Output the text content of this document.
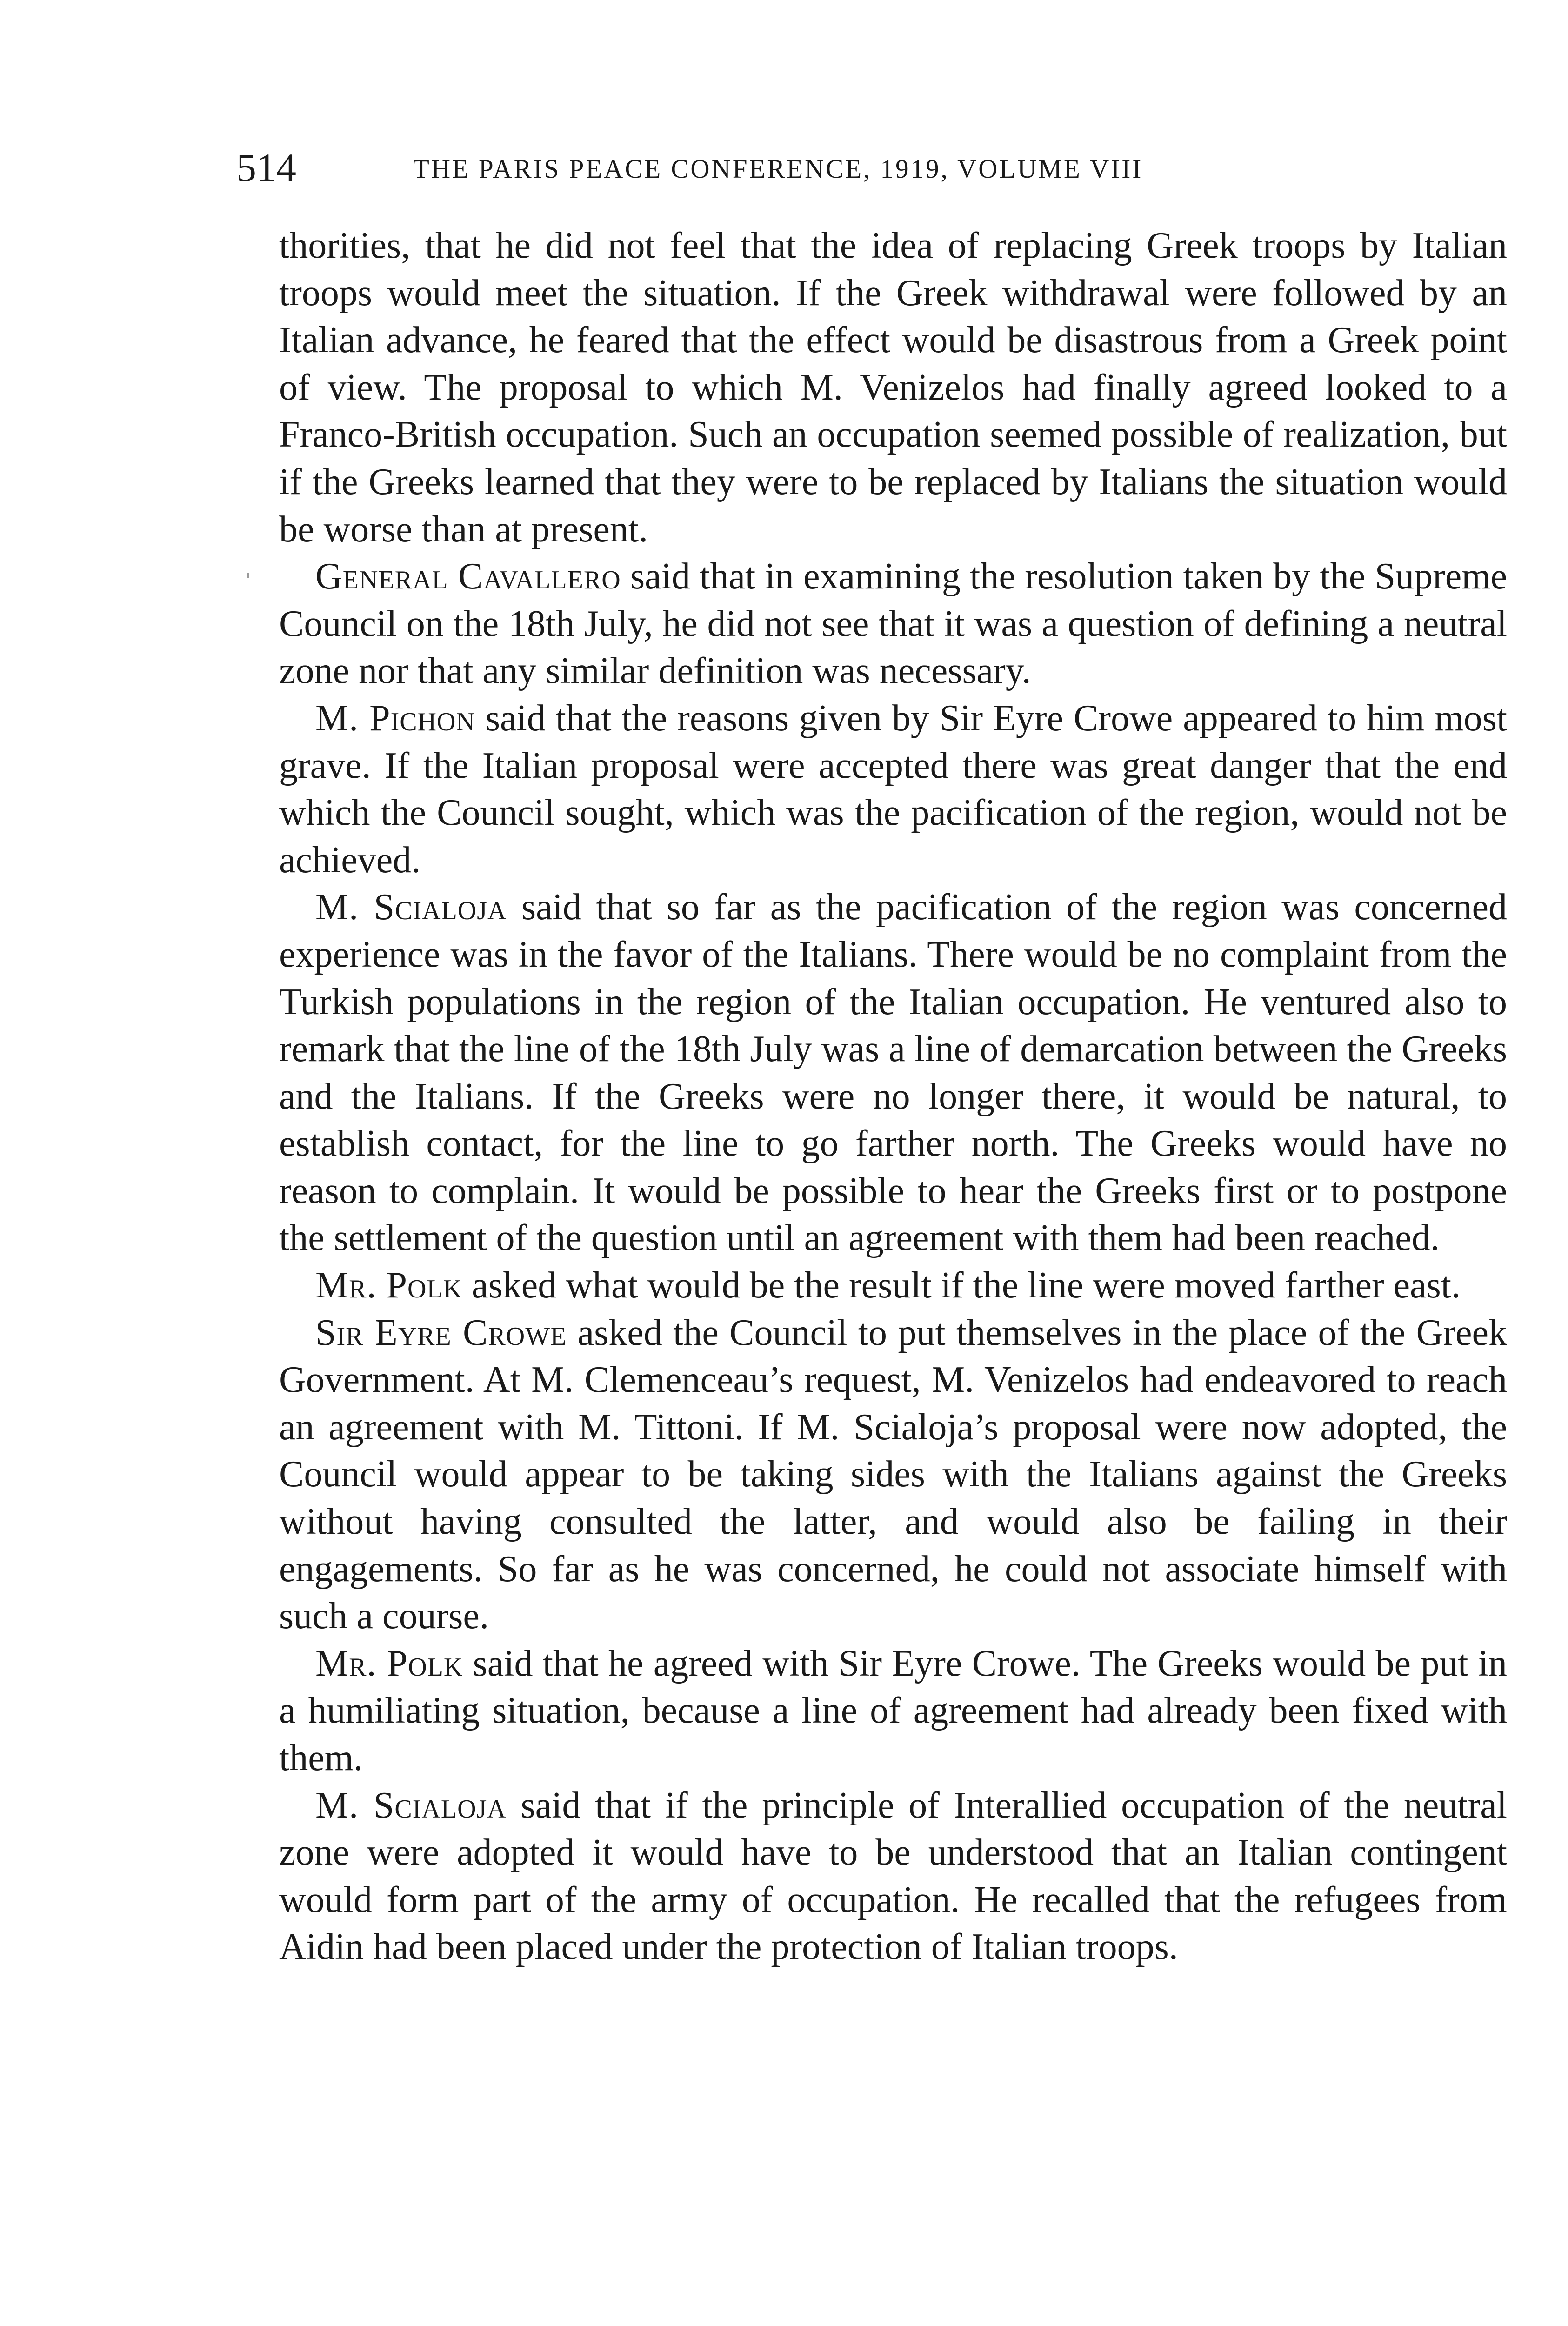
514	THE PARIS PEACE CONFERENCE, 1919, VOLUME VIII

thorities, that he did not feel that the idea of replacing Greek troops by Italian troops would meet the situation. If the Greek withdrawal were followed by an Italian advance, he feared that the effect would be disastrous from a Greek point of view. The proposal to which M. Venizelos had finally agreed looked to a Franco-British occupation. Such an occupation seemed possible of realization, but if the Greeks learned that they were to be replaced by Italians the situation would be worse than at present.

General Cavallero said that in examining the resolution taken by the Supreme Council on the 18th July, he did not see that it was a question of defining a neutral zone nor that any similar definition was necessary.

M. Pichon said that the reasons given by Sir Eyre Crowe appeared to him most grave. If the Italian proposal were accepted there was great danger that the end which the Council sought, which was the pacification of the region, would not be achieved.

M. Scialoja said that so far as the pacification of the region was concerned experience was in the favor of the Italians. There would be no complaint from the Turkish populations in the region of the Italian occupation. He ventured also to remark that the line of the 18th July was a line of demarcation between the Greeks and the Italians. If the Greeks were no longer there, it would be natural, to establish contact, for the line to go farther north. The Greeks would have no reason to complain. It would be possible to hear the Greeks first or to postpone the settlement of the question until an agreement with them had been reached.

Mr. Polk asked what would be the result if the line were moved farther east.

Sir Eyre Crowe asked the Council to put themselves in the place of the Greek Government. At M. Clemenceau’s request, M. Venizelos had endeavored to reach an agreement with M. Tittoni. If M. Scialoja’s proposal were now adopted, the Council would appear to be taking sides with the Italians against the Greeks without having consulted the latter, and would also be failing in their engagements. So far as he was concerned, he could not associate himself with such a course.

Mr. Polk said that he agreed with Sir Eyre Crowe. The Greeks would be put in a humiliating situation, because a line of agreement had already been fixed with them.

M. Scialoja said that if the principle of Interallied occupation of the neutral zone were adopted it would have to be understood that an Italian contingent would form part of the army of occupation. He recalled that the refugees from Aidin had been placed under the protection of Italian troops.
